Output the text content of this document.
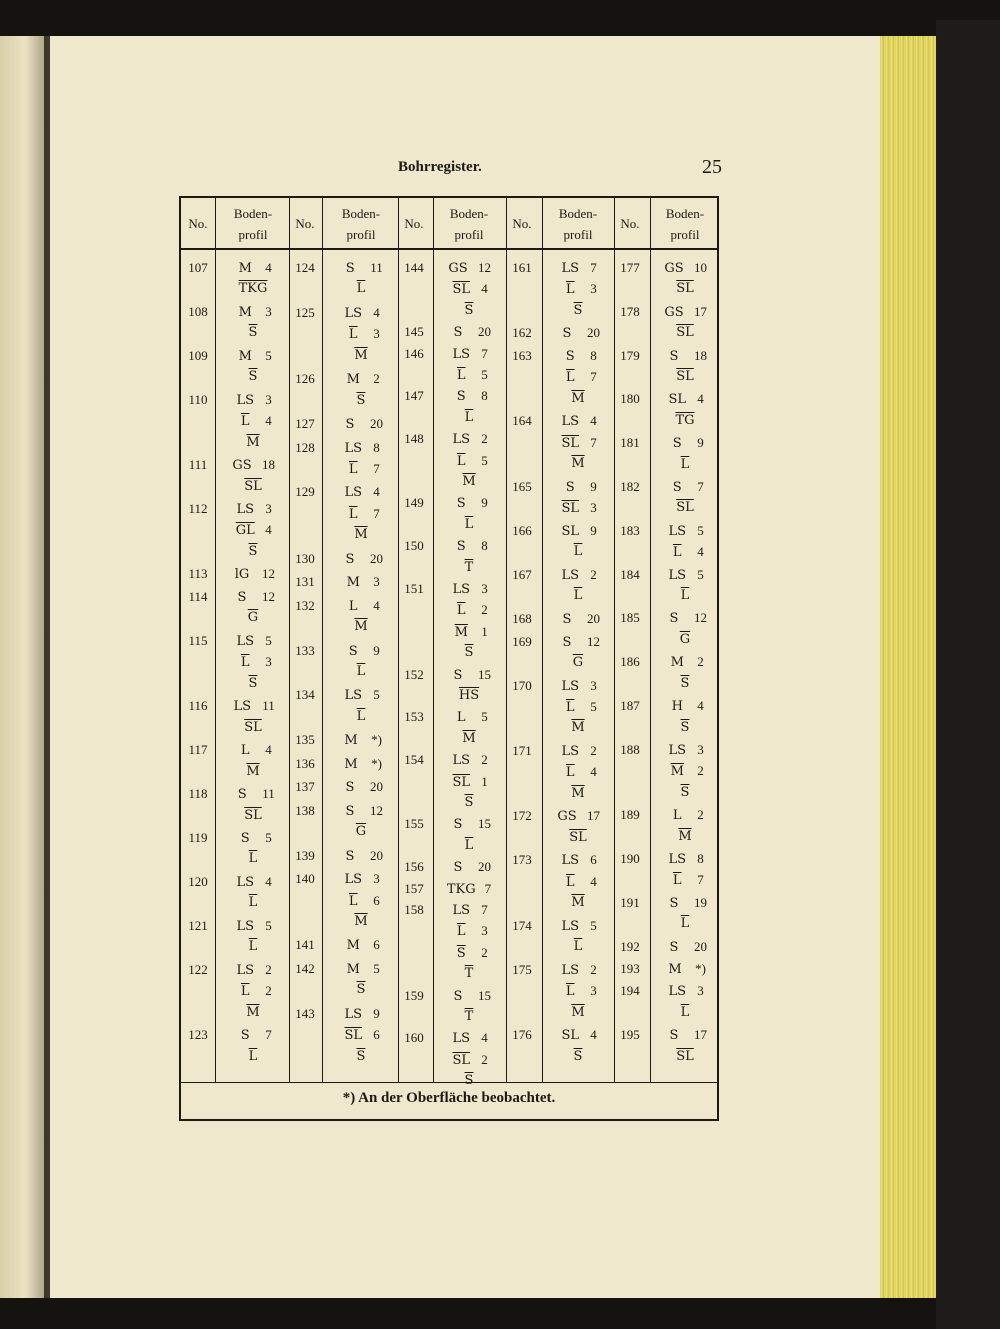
Bohrregister.	25
No.
Boden-
profil
No.
Boden-
profil
No.
Boden-
profil
No.
Boden-
profil
No.
Boden-
profil
107	M	4
$\overline{TKG}$
108	M	3
$\overline{S}$
109	M	5
$\overline{S}$
110	LS 3
$\overline{L}$	4
$\overline{M}$
111	GS 18
$\overline{SL}$
112	LS 3
$\overline{GL}$ 4
$\overline{S}$
113	lG 12
114	S	12
$\overline{G}$
115	LS 5
$\overline{L}$	3
$\overline{S}$
116	LS 11
$\overline{SL}$
117	L	4
$\overline{M}$
118	S	11
$\overline{SL}$
119	S	5
$\overline{L}$
120	LS 4
$\overline{L}$
121	LS 5
$\overline{L}$
122	LS 2
$\overline{L}$	2
$\overline{M}$
123	S	7
$\overline{L}$
124	S	11
$\overline{L}$
125	LS 4
$\overline{L}$	3
$\overline{M}$
126	M	2
$\overline{S}$
127	S	20
128	LS 8
$\overline{L}$	7
129	LS 4
$\overline{L}$	7
$\overline{M}$
130	S	20
131	M	3
132	L	4
$\overline{M}$
133	S	9
$\overline{L}$
134	LS 5
$\overline{L}$
135	M	*)
136	M	*)
137	S	20
138	S	12
$\overline{G}$
139	S	20
140	LS 3
$\overline{L}$	6
$\overline{M}$
141	M	6
142	M	5
$\overline{S}$
143	LS 9
$\overline{SL}$ 6
$\overline{S}$
144	GS 12
$\overline{SL}$ 4
$\overline{S}$
145	S	20
146	LS 7
$\overline{L}$	5
147	S	8
$\overline{L}$
148	LS 2
$\overline{L}$	5
$\overline{M}$
149	S	9
$\overline{L}$
150	S	8
$\overline{T}$
151	LS 3
$\overline{L}$	2
$\overline{M}$	1
$\overline{S}$
152	S	15
$\overline{HS}$
153	L	5
$\overline{M}$
154	LS 2
$\overline{SL}$ 1
$\overline{S}$
155	S	15
$\overline{L}$
156	S	20
157	TKG 7
158	LS 7
$\overline{L}$	3
$\overline{S}$	2
$\overline{T}$
159	S	15
$\overline{T}$
160	LS 4
$\overline{SL}$ 2
$\overline{S}$
161	LS 7
$\overline{L}$	3
$\overline{S}$
162	S	20
163	S	8
$\overline{L}$	7
$\overline{M}$
164	LS 4
$\overline{SL}$ 7
$\overline{M}$
165	S	9
$\overline{SL}$ 3
166	SL 9
$\overline{L}$
167	LS 2
$\overline{L}$
168	S	20
169	S	12
$\overline{G}$
170	LS 3
$\overline{L}$	5
$\overline{M}$
171	LS 2
$\overline{L}$	4
$\overline{M}$
172	GS 17
$\overline{SL}$
173	LS 6
$\overline{L}$	4
$\overline{M}$
174	LS 5
$\overline{L}$
175	LS 2
$\overline{L}$	3
$\overline{M}$
176	SL 4
$\overline{S}$
177	GS 10
$\overline{SL}$
178	GS 17
$\overline{SL}$
179	S	18
$\overline{SL}$
180	SL 4
$\overline{TG}$
181	S	9
$\overline{L}$
182	S	7
$\overline{SL}$
183	LS 5
$\overline{L}$	4
184	LS 5
$\overline{L}$
185	S	12
$\overline{G}$
186	M	2
$\overline{S}$
187	H	4
$\overline{S}$
188	LS 3
$\overline{M}$	2
$\overline{S}$
189	L	2
$\overline{M}$
190	LS 8
$\overline{L}$	7
191	S	19
$\overline{L}$
192	S	20
193	M	*)
194	LS 3
$\overline{L}$
195	S	17
$\overline{SL}$
*) An der Oberfläche beobachtet.
